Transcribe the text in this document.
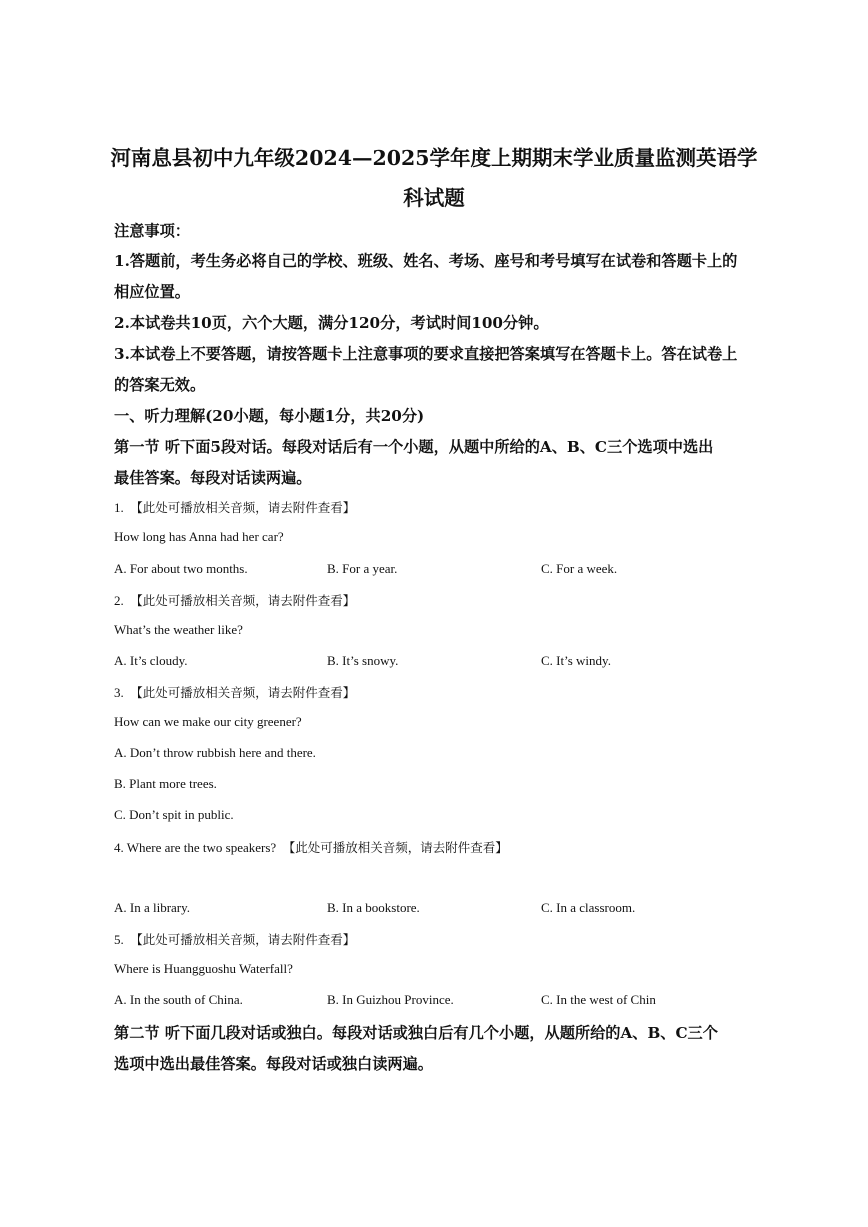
河南息县初中九年级2024—2025学年度上期期末学业质量监测英语学
科试题
注意事项：
1.答题前，考生务必将自己的学校、班级、姓名、考场、座号和考号填写在试卷和答题卡上的
相应位置。
2.本试卷共10页，六个大题，满分120分，考试时间100分钟。
3.本试卷上不要答题，请按答题卡上注意事项的要求直接把答案填写在答题卡上。答在试卷上
的答案无效。
一、听力理解(20小题，每小题1分，共20分)
第一节 听下面5段对话。每段对话后有一个小题，从题中所给的A、B、C三个选项中选出
最佳答案。每段对话读两遍。
1. 【此处可播放相关音频，请去附件查看】
How long has Anna had her car?
A. For about two months.	B. For a year.	C. For a week.
2. 【此处可播放相关音频，请去附件查看】
What’s the weather like?
A. It’s cloudy.	B. It’s snowy.	C. It’s windy.
3. 【此处可播放相关音频，请去附件查看】
How can we make our city greener?
A. Don’t throw rubbish here and there.
B. Plant more trees.
C. Don’t spit in public.
4. Where are the two speakers? 【此处可播放相关音频，请去附件查看】
A. In a library.	B. In a bookstore.	C. In a classroom.
5. 【此处可播放相关音频，请去附件查看】
Where is Huangguoshu Waterfall?
A. In the south of China.	B. In Guizhou Province.	C. In the west of Chin
第二节 听下面几段对话或独白。每段对话或独白后有几个小题，从题所给的A、B、C三个
选项中选出最佳答案。每段对话或独白读两遍。
